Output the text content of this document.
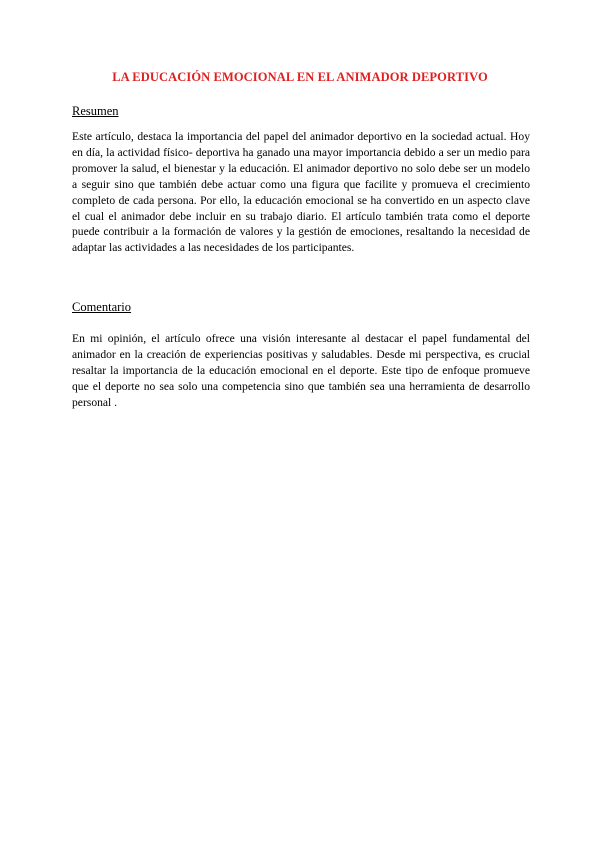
LA EDUCACIÓN EMOCIONAL EN EL ANIMADOR DEPORTIVO
Resumen
Este artículo, destaca la importancia del papel del animador deportivo en la sociedad actual. Hoy en día, la actividad físico- deportiva ha ganado una mayor importancia debido a ser un medio para promover la salud, el bienestar y la educación. El animador deportivo no solo debe ser un modelo a seguir sino que también debe actuar como una figura que facilite y promueva el crecimiento completo de cada persona. Por ello, la educación emocional se ha convertido en un aspecto clave el cual el animador debe incluir en su trabajo diario. El artículo también trata como el deporte puede contribuir a la formación de valores y la gestión de emociones, resaltando la necesidad de adaptar las actividades a las necesidades de los participantes.
Comentario
En mi opinión, el artículo ofrece una visión interesante al destacar el papel fundamental del animador en la creación de experiencias positivas y saludables. Desde mi perspectiva, es crucial resaltar la importancia de la educación emocional en el deporte. Este tipo de enfoque promueve que el deporte no sea solo una competencia sino que también sea una herramienta de desarrollo personal .
